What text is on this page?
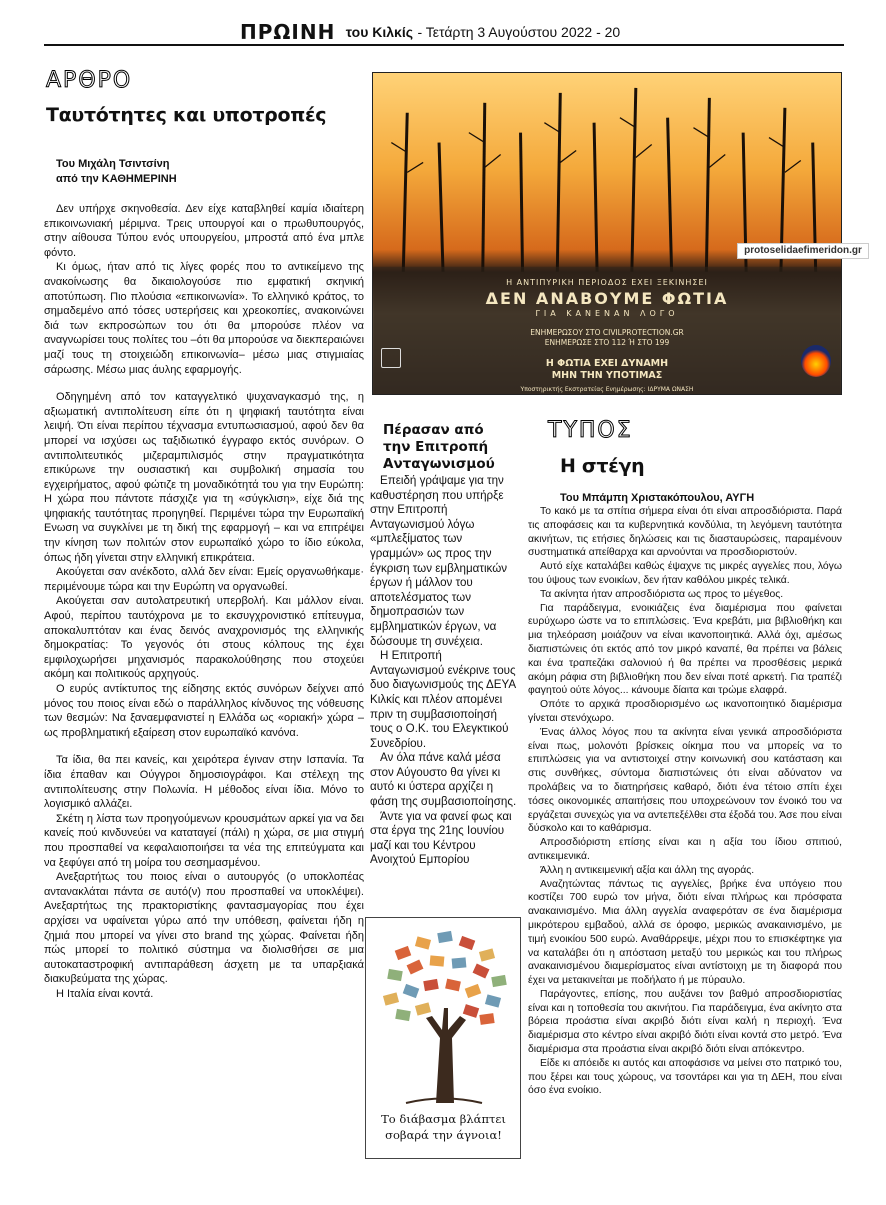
ΠΡΩΙΝΗ του Κιλκίς - Τετάρτη 3 Αυγούστου 2022 - 20
ΑΡΘΡΟ
Ταυτότητες και υποτροπές
Του Μιχάλη Τσιντσίνη
από την ΚΑΘΗΜΕΡΙΝΗ

Δεν υπήρχε σκηνοθεσία. Δεν είχε καταβληθεί καμία ιδιαίτερη επικοινωνιακή μέριμνα. Τρεις υπουργοί και ο πρωθυπουργός, στην αίθουσα Τύπου ενός υπουργείου, μπροστά από ένα μπλε φόντο.

Κι όμως, ήταν από τις λίγες φορές που το αντικείμενο της ανακοίνωσης θα δικαιολογούσε πιο εμφατική σκηνική αποτύπωση. Πιο πλούσια «επικοινωνία». Το ελληνικό κράτος, το σημαδεμένο από τόσες υστερήσεις και χρεοκοπίες, ανακοινώνει διά των εκπροσώπων του ότι θα μπορούσε πλέον να αναγνωρίσει τους πολίτες του –ότι θα μπορούσε να διεκπεραιώνει μαζί τους τη στοιχειώδη επικοινωνία– μέσω μιας στιγμιαίας σάρωσης. Μέσω μιας άυλης εφαρμογής.

Οδηγημένη από τον καταγγελτικό ψυχαναγκασμό της, η αξιωματική αντιπολίτευση είπε ότι η ψηφιακή ταυτότητα είναι λειψή. Ότι είναι περίπου τέχνασμα εντυπωσιασμού, αφού δεν θα μπορεί να ισχύσει ως ταξιδιωτικό έγγραφο εκτός συνόρων. Ο αντιπολιτευτικός μιζεραμπιλισμός στην πραγματικότητα επικύρωνε την ουσιαστική και συμβολική σημασία του εγχειρήματος, αφού φώτιζε τη μοναδικότητά του για την Ευρώπη: Η χώρα που πάντοτε πάσχιζε για τη «σύγκλιση», είχε διά της ψηφιακής ταυτότητας προηγηθεί. Περιμένει τώρα την Ευρωπαϊκή Ενωση να συγκλίνει με τη δική της εφαρμογή – και να επιτρέψει την κίνηση των πολιτών στον ευρωπαϊκό χώρο το ίδιο εύκολα, όπως ήδη γίνεται στην ελληνική επικράτεια.

Ακούγεται σαν ανέκδοτο, αλλά δεν είναι: Εμείς οργανωθήκαμε· περιμένουμε τώρα και την Ευρώπη να οργανωθεί.

Ακούγεται σαν αυτολατρευτική υπερβολή. Και μάλλον είναι. Αφού, περίπου ταυτόχρονα με το εκσυγχρονιστικό επίτευγμα, αποκαλυπτόταν και ένας δεινός αναχρονισμός της ελληνικής δημοκρατίας: Το γεγονός ότι στους κόλπους της έχει εμφιλοχωρήσει μηχανισμός παρακολούθησης που στοχεύει ακόμη και πολιτικούς αρχηγούς.

Ο ευρύς αντίκτυπος της είδησης εκτός συνόρων δείχνει από μόνος του ποιος είναι εδώ ο παράλληλος κίνδυνος της νόθευσης των θεσμών: Να ξαναεμφανιστεί η Ελλάδα ως «οριακή» χώρα – ως προβληματική εξαίρεση στον ευρωπαϊκό κανόνα.

Τα ίδια, θα πει κανείς, και χειρότερα έγιναν στην Ισπανία. Τα ίδια έπαθαν και Ούγγροι δημοσιογράφοι. Και στέλεχη της αντιπολίτευσης στην Πολωνία. Η μέθοδος είναι ίδια. Μόνο το λογισμικό αλλάζει.

Σκέτη η λίστα των προηγούμενων κρουσμάτων αρκεί για να δει κανείς πού κινδυνεύει να καταταγεί (πάλι) η χώρα, σε μια στιγμή που προσπαθεί να κεφαλαιοποιήσει τα νέα της επιτεύγματα και να ξεφύγει από τη μοίρα του σεσημασμένου.

Ανεξαρτήτως του ποιος είναι ο αυτουργός (ο υποκλοπέας αντανακλάται πάντα σε αυτό(ν) που προσπαθεί να υποκλέψει). Ανεξαρτήτως της πρακτοριστίκης φαντασμαγορίας που έχει αρχίσει να υφαίνεται γύρω από την υπόθεση, φαίνεται ήδη η ζημιά που μπορεί να γίνει στο brand της χώρας. Φαίνεται ήδη πώς μπορεί το πολιτικό σύστημα να διολισθήσει σε μια αυτοκαταστροφική αντιπαράθεση άσχετη με τα υπαρξιακά διακυβεύματα της χώρας.

Η Ιταλία είναι κοντά.

Η ΑΝΤΙΠΥΡΙΚΗ ΠΕΡΙΟΔΟΣ ΕΧΕΙ ΞΕΚΙΝΗΣΕΙ
ΔΕΝ ΑΝΑΒΟΥΜΕ ΦΩΤΙΑ
ΓΙΑ ΚΑΝΕΝΑΝ ΛΟΓΟ
ΕΝΗΜΕΡΩΣΟΥ ΣΤΟ CIVILPROTECTION.GR
ΕΝΗΜΕΡΩΣΕ ΣΤΟ 112 Ή ΣΤΟ 199
Η ΦΩΤΙΑ ΕΧΕΙ ΔΥΝΑΜΗ
ΜΗΝ ΤΗΝ ΥΠΟΤΙΜΑΣ
Υποστηρικτής Εκστρατείας Ενημέρωσης: ΙΔΡΥΜΑ ΩΝΑΣΗ
protoselidaefimeridon.gr
Πέρασαν από
την Επιτροπή
Ανταγωνισμού

Επειδή γράψαμε για την καθυστέρηση που υπήρξε στην Επιτροπή Ανταγωνισμού λόγω «μπλεξίματος των γραμμών» ως προς την έγκριση των εμβληματικών έργων ή μάλλον του αποτελέσματος των δημοπρασιών των εμβληματικών έργων, να δώσουμε τη συνέχεια.

Η Επιτροπή Ανταγωνισμού ενέκρινε τους δυο διαγωνισμούς της ΔΕΥΑ Κιλκίς και πλέον απομένει πριν τη συμβασιοποίησή τους ο Ο.Κ. του Ελεγκτικού Συνεδρίου.

Αν όλα πάνε καλά μέσα στον Αύγουστο θα γίνει κι αυτό κι ύστερα αρχίζει η φάση της συμβασιοποίησης.

Άντε για να φανεί φως και στα έργα της 21ης Ιουνίου μαζί και του Κέντρου Ανοιχτού Εμπορίου

Το διάβασμα βλάπτει
σοβαρά την άγνοια!
ΤΥΠΟΣ
Η στέγη
Του Μπάμπη Χριστακόπουλου, ΑΥΓΗ

Το κακό με τα σπίτια σήμερα είναι ότι είναι απροσδιόριστα. Παρά τις αποφάσεις και τα κυβερνητικά κονδύλια, τη λεγόμενη ταυτότητα ακινήτων, τις ετήσιες δηλώσεις και τις διασταυρώσεις, παραμένουν συστηματικά απείθαρχα και αρνούνται να προσδιοριστούν.

Αυτό είχε καταλάβει καθώς έψαχνε τις μικρές αγγελίες που, λόγω του ύψους των ενοικίων, δεν ήταν καθόλου μικρές τελικά.

Τα ακίνητα ήταν απροσδιόριστα ως προς το μέγεθος.

Για παράδειγμα, ενοικιάζεις ένα διαμέρισμα που φαίνεται ευρύχωρο ώστε να το επιπλώσεις. Ένα κρεβάτι, μια βιβλιοθήκη και μια τηλεόραση μοιάζουν να είναι ικανοποιητικά. Αλλά όχι, αμέσως διαπιστώνεις ότι εκτός από τον μικρό καναπέ, θα πρέπει να βάλεις και ένα τραπεζάκι σαλονιού ή θα πρέπει να προσθέσεις μερικά ακόμη ράφια στη βιβλιοθήκη που δεν είναι ποτέ αρκετή. Για τραπέζι φαγητού ούτε λόγος... κάνουμε δίαιτα και τρώμε ελαφρά.

Οπότε το αρχικά προσδιορισμένο ως ικανοποιητικό διαμέρισμα γίνεται στενόχωρο.

Ένας άλλος λόγος που τα ακίνητα είναι γενικά απροσδιόριστα είναι πως, μολονότι βρίσκεις οίκημα που να μπορείς να το επιπλώσεις για να αντιστοιχεί στην κοινωνική σου κατάσταση και στις συνθήκες, σύντομα διαπιστώνεις ότι είναι αδύνατον να προλάβεις να το διατηρήσεις καθαρό, διότι ένα τέτοιο σπίτι έχει τόσες οικονομικές απαιτήσεις που υποχρεώνουν τον ένοικό του να εργάζεται συνεχώς για να αντεπεξέλθει στα έξοδά του. Άσε που είναι δύσκολο και το καθάρισμα.

Απροσδιόριστη επίσης είναι και η αξία του ίδιου σπιτιού, αντικειμενικά.

Άλλη η αντικειμενική αξία και άλλη της αγοράς.

Αναζητώντας πάντως τις αγγελίες, βρήκε ένα υπόγειο που κοστίζει 700 ευρώ τον μήνα, διότι είναι πλήρως και πρόσφατα ανακαινισμένο. Μια άλλη αγγελία αναφερόταν σε ένα διαμέρισμα μικρότερου εμβαδού, αλλά σε όροφο, μερικώς ανακαινισμένο, με τιμή ενοικίου 500 ευρώ. Αναθάρρεψε, μέχρι που το επισκέφτηκε για να καταλάβει ότι η απόσταση μεταξύ του μερικώς και του πλήρως ανακαινισμένου διαμερίσματος είναι αντίστοιχη με τη διαφορά που έχει να μετακινείται με ποδήλατο ή με πύραυλο.

Παράγοντες, επίσης, που αυξάνει τον βαθμό απροσδιοριστίας είναι και η τοποθεσία του ακινήτου. Για παράδειγμα, ένα ακίνητο στα βόρεια προάστια είναι ακριβό διότι είναι καλή η περιοχή. Ένα διαμέρισμα στο κέντρο είναι ακριβό διότι είναι κοντά στο μετρό. Ένα διαμέρισμα στα προάστια είναι ακριβό διότι είναι απόκεντρο.

Είδε κι απόειδε κι αυτός και αποφάσισε να μείνει στο πατρικό του, που ξέρει και τους χώρους, να τσοντάρει και για τη ΔΕΗ, που είναι όσο ένα ενοίκιο.
